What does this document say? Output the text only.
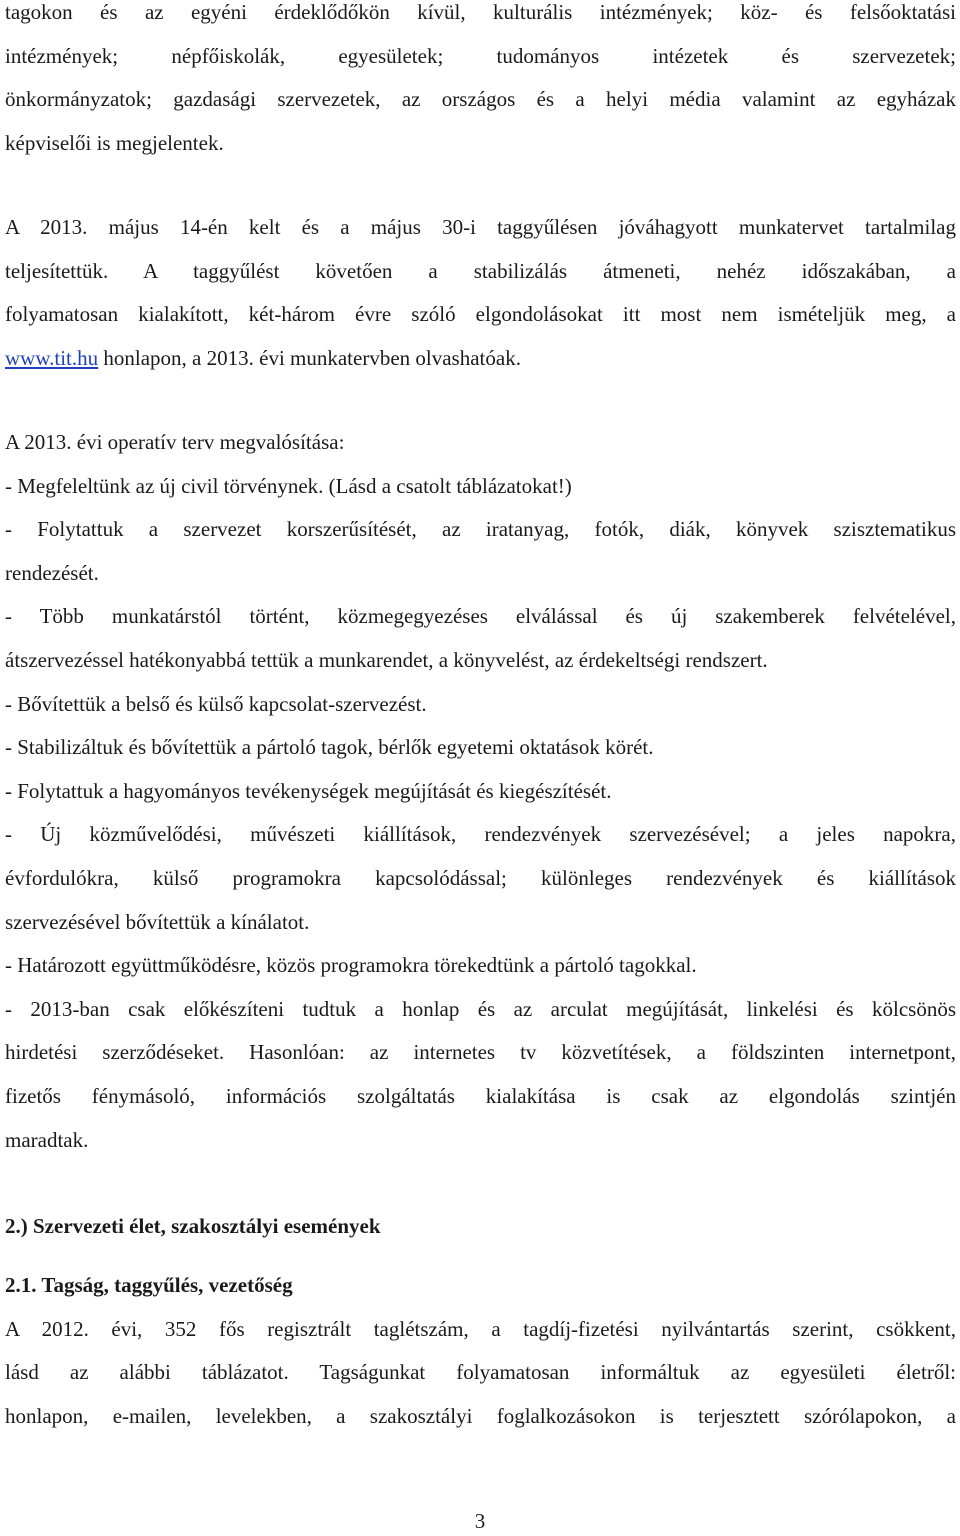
tagokon és az egyéni érdeklődőkön kívül, kulturális intézmények; köz- és felsőoktatási
intézmények; népfőiskolák, egyesületek; tudományos intézetek és szervezetek;
önkormányzatok; gazdasági szervezetek, az országos és a helyi média valamint az egyházak
képviselői is megjelentek.
A 2013. május 14-én kelt és a május 30-i taggyűlésen jóváhagyott munkatervet tartalmilag
teljesítettük. A taggyűlést követően a stabilizálás átmeneti, nehéz időszakában, a
folyamatosan kialakított, két-három évre szóló elgondolásokat itt most nem ismételjük meg, a
www.tit.hu honlapon, a 2013. évi munkatervben olvashatóak.
A 2013. évi operatív terv megvalósítása:
- Megfeleltünk az új civil törvénynek. (Lásd a csatolt táblázatokat!)
- Folytattuk a szervezet korszerűsítését, az iratanyag, fotók, diák, könyvek szisztematikus
rendezését.
- Több munkatárstól történt, közmegegyezéses elválással és új szakemberek felvételével,
átszervezéssel hatékonyabbá tettük a munkarendet, a könyvelést, az érdekeltségi rendszert.
- Bővítettük a belső és külső kapcsolat-szervezést.
- Stabilizáltuk és bővítettük a pártoló tagok, bérlők egyetemi oktatások körét.
- Folytattuk a hagyományos tevékenységek megújítását és kiegészítését.
- Új közművelődési, művészeti kiállítások, rendezvények szervezésével; a jeles napokra,
évfordulókra, külső programokra kapcsolódással; különleges rendezvények és kiállítások
szervezésével bővítettük a kínálatot.
- Határozott együttműködésre, közös programokra törekedtünk a pártoló tagokkal.
- 2013-ban csak előkészíteni tudtuk a honlap és az arculat megújítását, linkelési és kölcsönös
hirdetési szerződéseket. Hasonlóan: az internetes tv közvetítések, a földszinten internetpont,
fizetős fénymásoló, információs szolgáltatás kialakítása is csak az elgondolás szintjén
maradtak.
2.) Szervezeti élet, szakosztályi események
2.1. Tagság, taggyűlés, vezetőség
A 2012. évi, 352 fős regisztrált taglétszám, a tagdíj-fizetési nyilvántartás szerint, csökkent,
lásd az alábbi táblázatot. Tagságunkat folyamatosan informáltuk az egyesületi életről:
honlapon, e-mailen, levelekben, a szakosztályi foglalkozásokon is terjesztett szórólapokon, a
3
